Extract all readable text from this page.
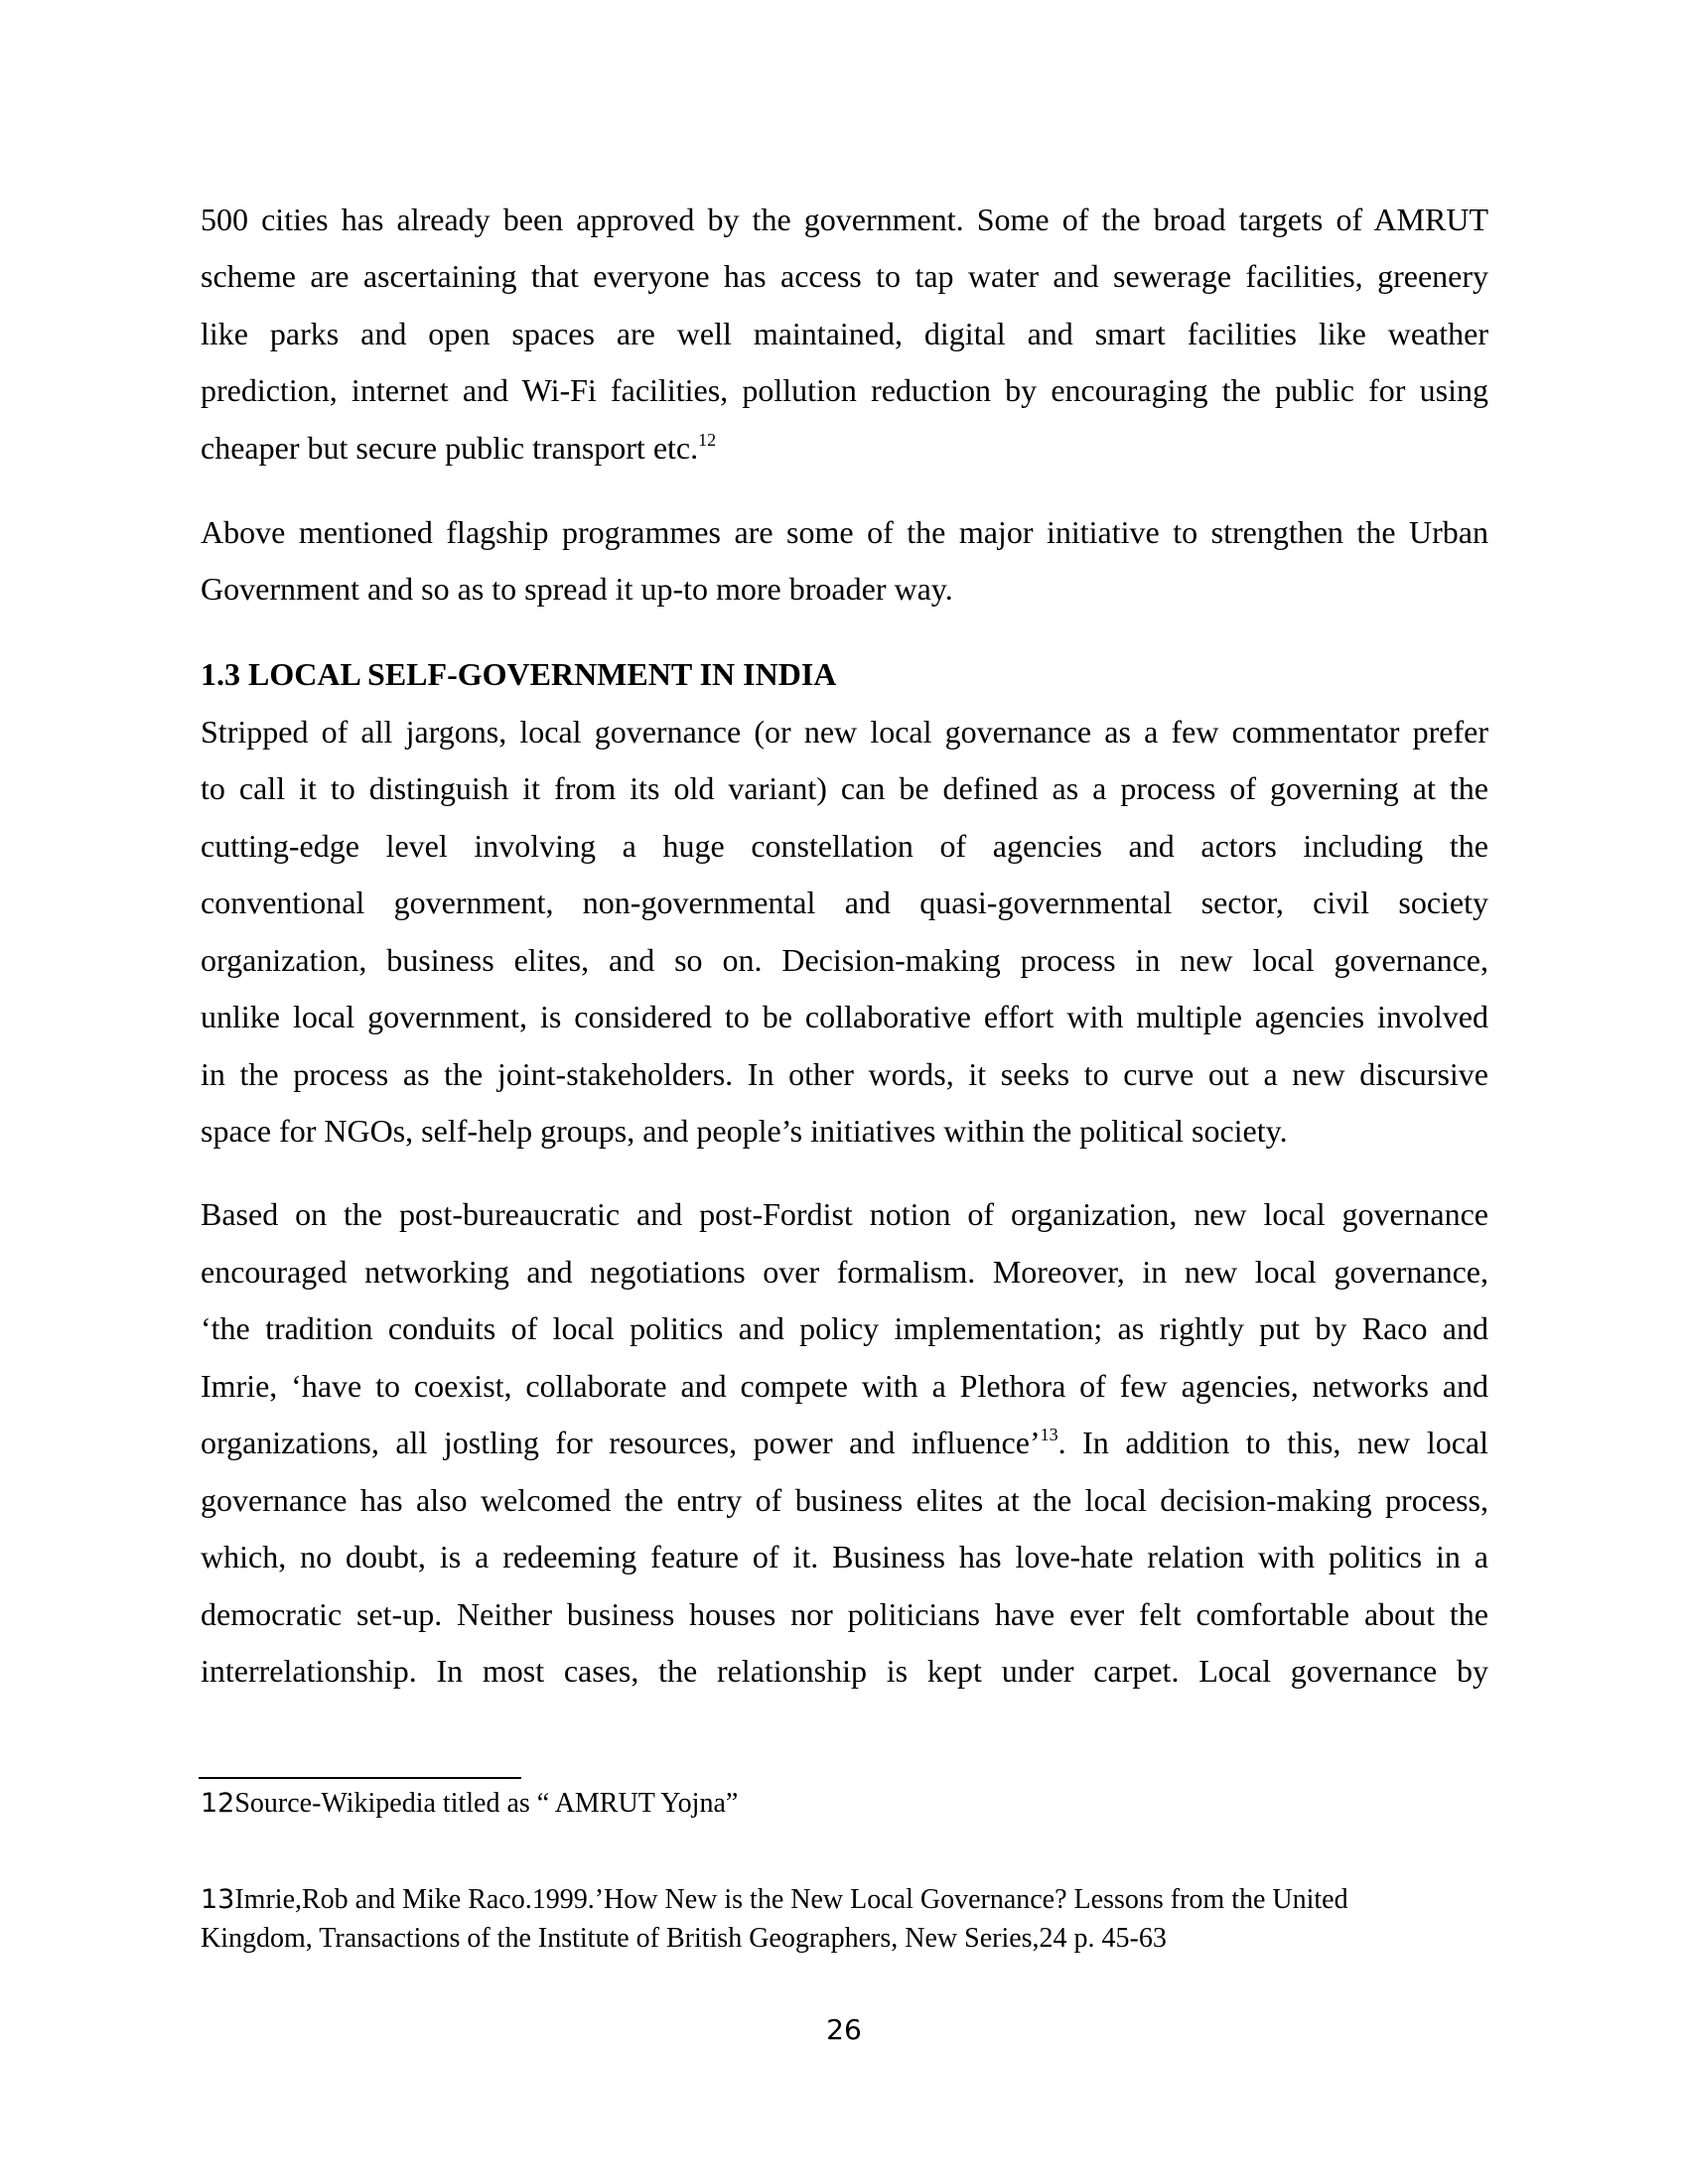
500 cities has already been approved by the government. Some of the broad targets of AMRUT
scheme are ascertaining that everyone has access to tap water and sewerage facilities, greenery
like parks and open spaces are well maintained, digital and smart facilities like weather
prediction, internet and Wi-Fi facilities, pollution reduction by encouraging the public for using
cheaper but secure public transport etc.$^{12}$
Above mentioned flagship programmes are some of the major initiative to strengthen the Urban
Government and so as to spread it up-to more broader way.
1.3 LOCAL SELF-GOVERNMENT IN INDIA
Stripped of all jargons, local governance (or new local governance as a few commentator prefer
to call it to distinguish it from its old variant) can be defined as a process of governing at the
cutting-edge level involving a huge constellation of agencies and actors including the
conventional government, non-governmental and quasi-governmental sector, civil society
organization, business elites, and so on. Decision-making process in new local governance,
unlike local government, is considered to be collaborative effort with multiple agencies involved
in the process as the joint-stakeholders. In other words, it seeks to curve out a new discursive
space for NGOs, self-help groups, and people’s initiatives within the political society.
Based on the post-bureaucratic and post-Fordist notion of organization, new local governance
encouraged networking and negotiations over formalism. Moreover, in new local governance,
‘the tradition conduits of local politics and policy implementation; as rightly put by Raco and
Imrie, ‘have to coexist, collaborate and compete with a Plethora of few agencies, networks and
organizations, all jostling for resources, power and influence’$^{13}$. In addition to this, new local
governance has also welcomed the entry of business elites at the local decision-making process,
which, no doubt, is a redeeming feature of it. Business has love-hate relation with politics in a
democratic set-up. Neither business houses nor politicians have ever felt comfortable about the
interrelationship. In most cases, the relationship is kept under carpet. Local governance by
12Source-Wikipedia titled as “ AMRUT Yojna”
13Imrie,Rob and Mike Raco.1999.’How New is the New Local Governance? Lessons from the United
Kingdom, Transactions of the Institute of British Geographers, New Series,24 p. 45-63
26
